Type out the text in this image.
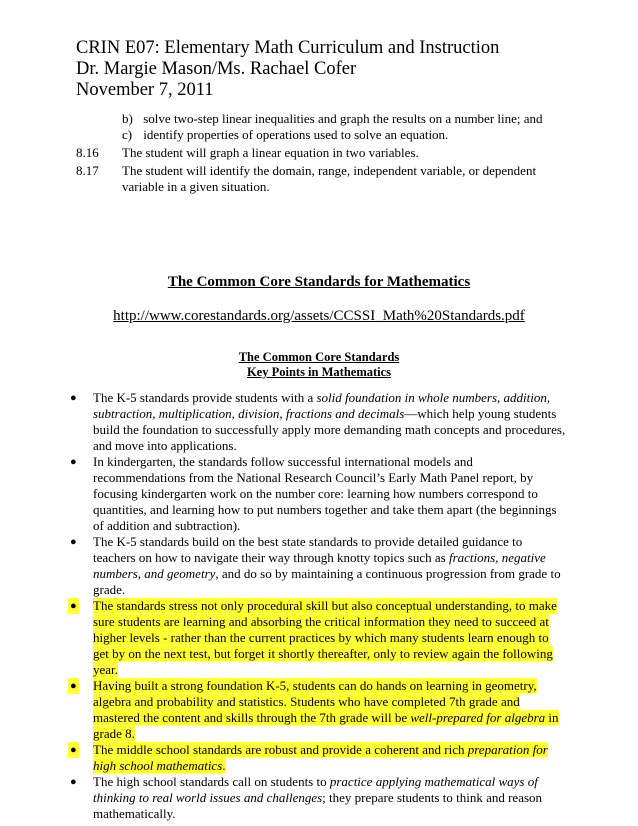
CRIN E07: Elementary Math Curriculum and Instruction
Dr. Margie Mason/Ms. Rachael Cofer
November 7, 2011
b) solve two-step linear inequalities and graph the results on a number line; and
c) identify properties of operations used to solve an equation.
8.16 The student will graph a linear equation in two variables.
8.17 The student will identify the domain, range, independent variable, or dependent variable in a given situation.
The Common Core Standards for Mathematics
http://www.corestandards.org/assets/CCSSI_Math%20Standards.pdf
The Common Core Standards
Key Points in Mathematics
● The K-5 standards provide students with a solid foundation in whole numbers, addition, subtraction, multiplication, division, fractions and decimals—which help young students build the foundation to successfully apply more demanding math concepts and procedures, and move into applications.
● In kindergarten, the standards follow successful international models and recommendations from the National Research Council’s Early Math Panel report, by focusing kindergarten work on the number core: learning how numbers correspond to quantities, and learning how to put numbers together and take them apart (the beginnings of addition and subtraction).
● The K-5 standards build on the best state standards to provide detailed guidance to teachers on how to navigate their way through knotty topics such as fractions, negative numbers, and geometry, and do so by maintaining a continuous progression from grade to grade.
● The standards stress not only procedural skill but also conceptual understanding, to make sure students are learning and absorbing the critical information they need to succeed at higher levels - rather than the current practices by which many students learn enough to get by on the next test, but forget it shortly thereafter, only to review again the following year.
● Having built a strong foundation K-5, students can do hands on learning in geometry, algebra and probability and statistics. Students who have completed 7th grade and mastered the content and skills through the 7th grade will be well-prepared for algebra in grade 8.
● The middle school standards are robust and provide a coherent and rich preparation for high school mathematics.
● The high school standards call on students to practice applying mathematical ways of thinking to real world issues and challenges; they prepare students to think and reason mathematically.
